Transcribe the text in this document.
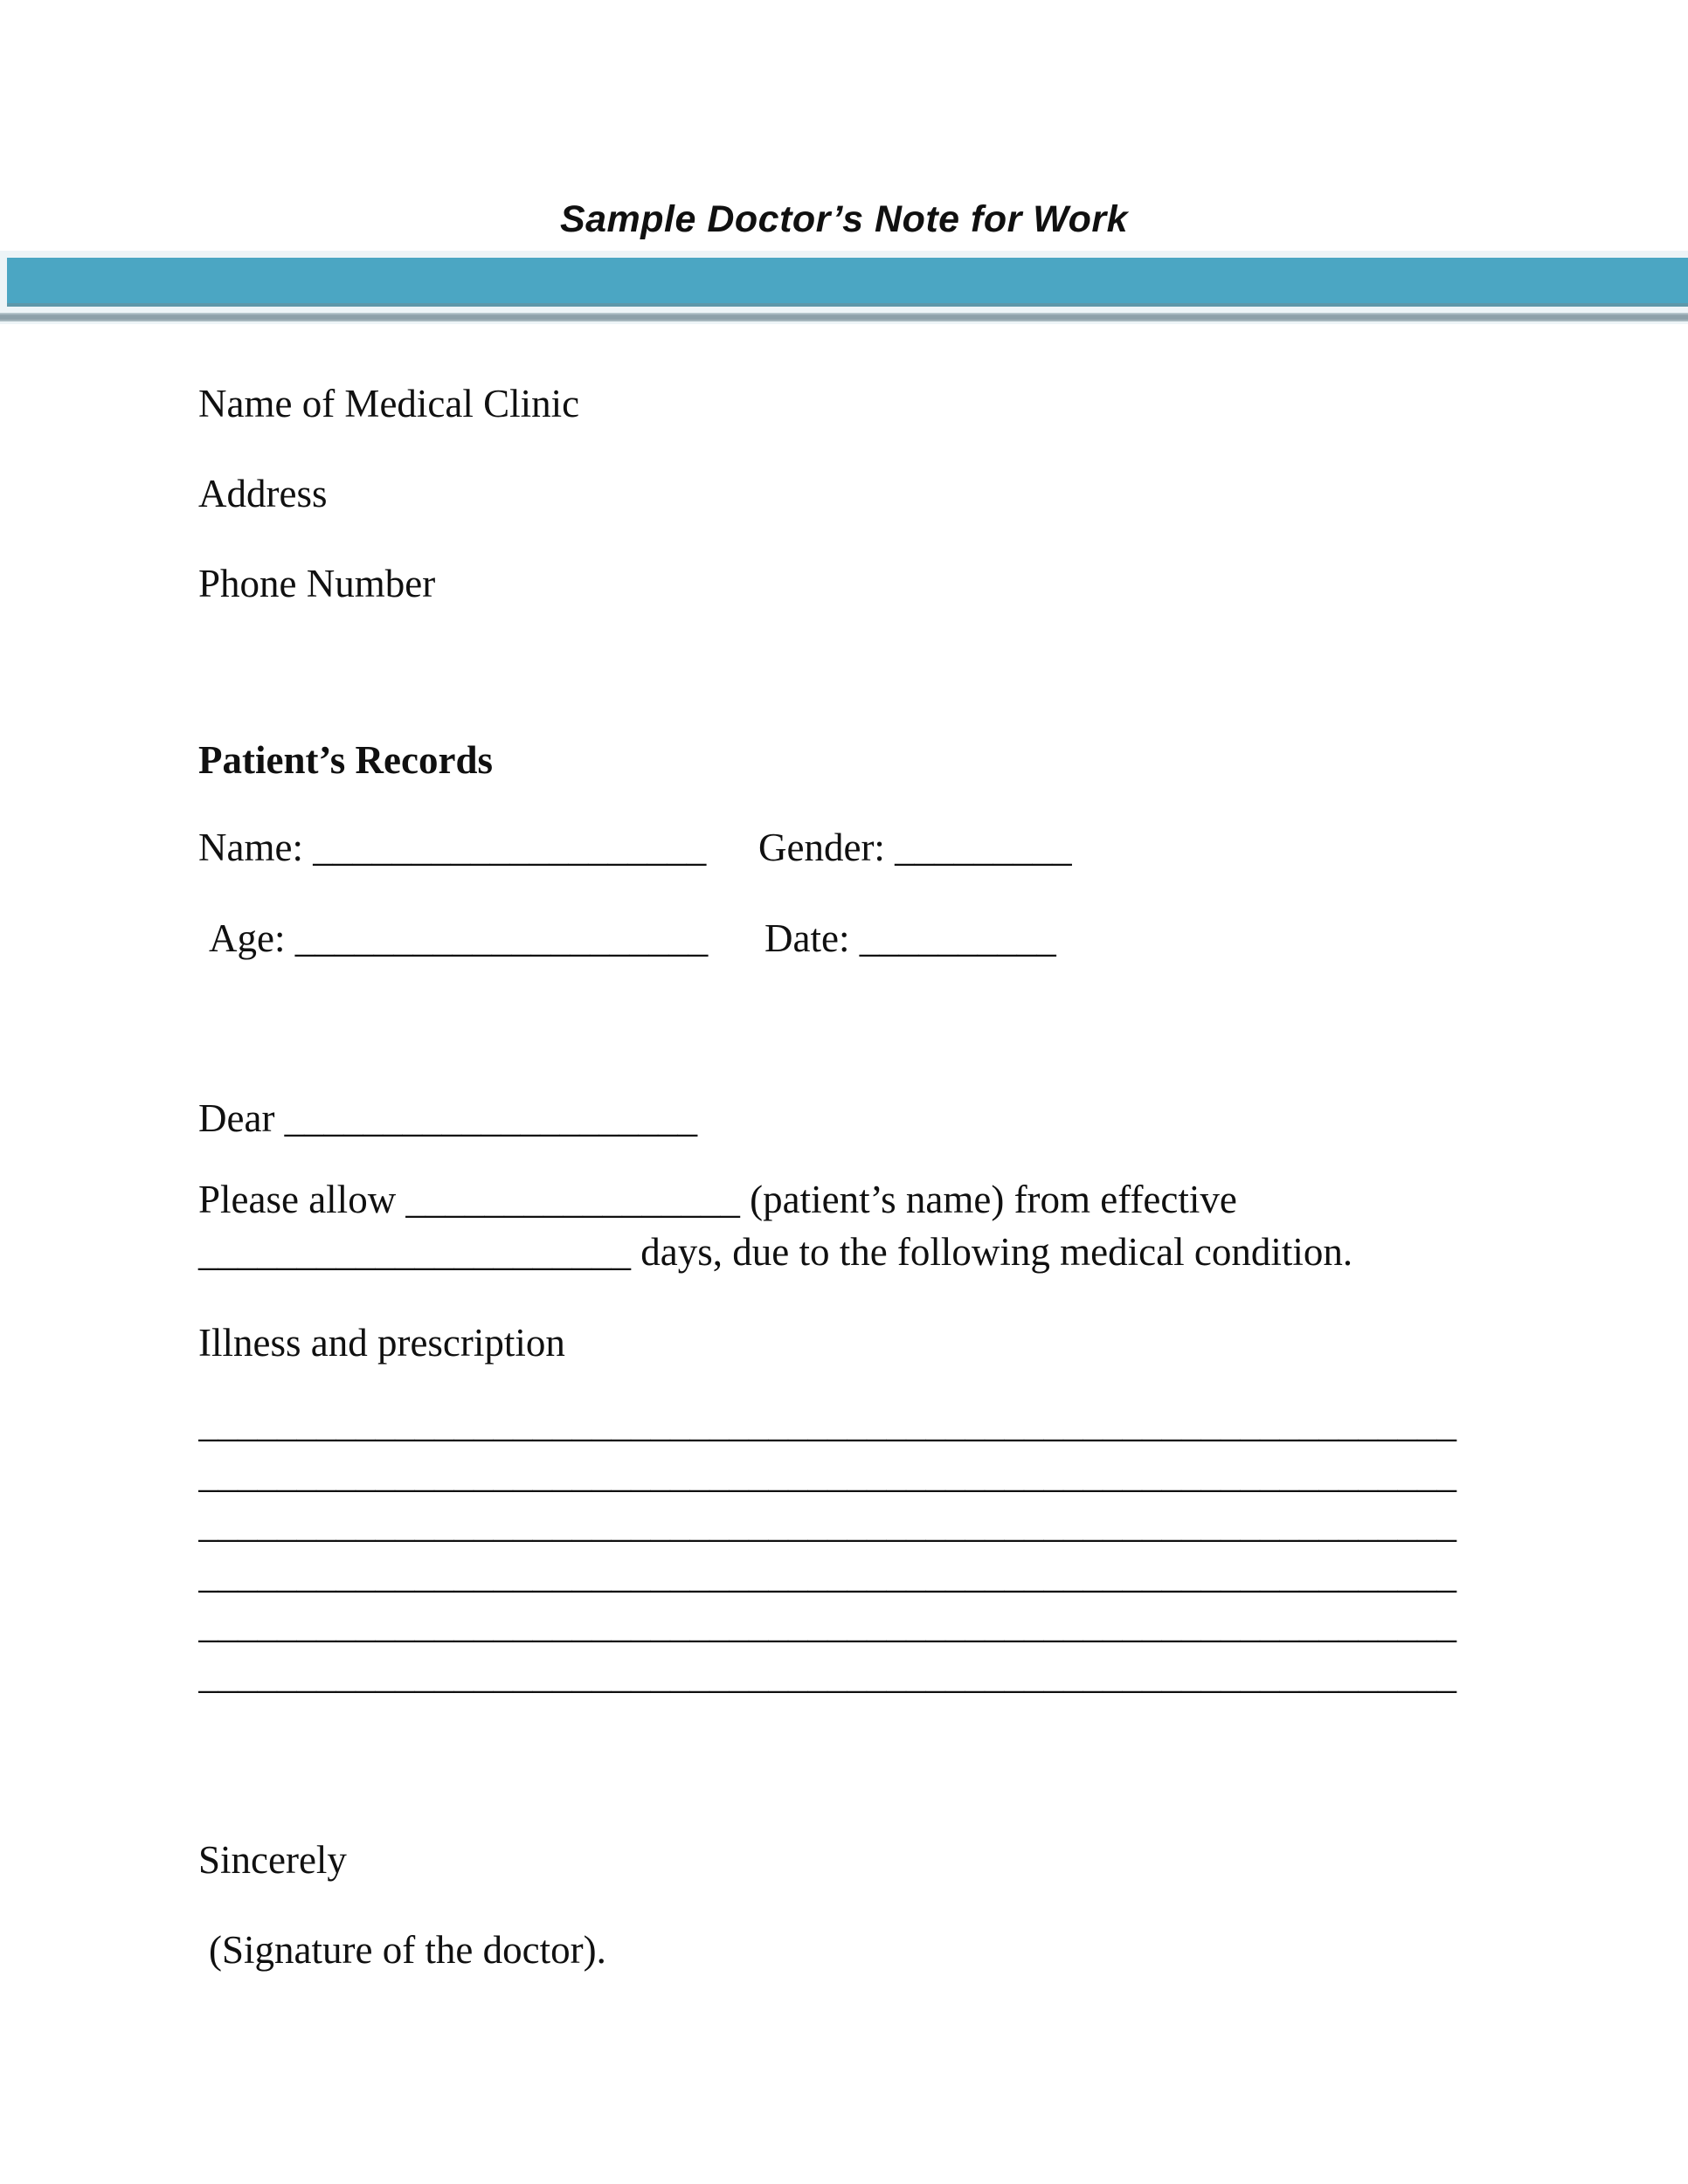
Sample Doctor’s Note for Work
Name of Medical Clinic
Address
Phone Number
Patient’s Records
Name: ____________________ Gender: _________
Age: _____________________ Date: __________
Dear _____________________
Please allow _________________ (patient’s name) from effective
______________________ days, due to the following medical condition.
Illness and prescription
________________________________________________________________
________________________________________________________________
________________________________________________________________
________________________________________________________________
________________________________________________________________
________________________________________________________________
Sincerely
(Signature of the doctor).
